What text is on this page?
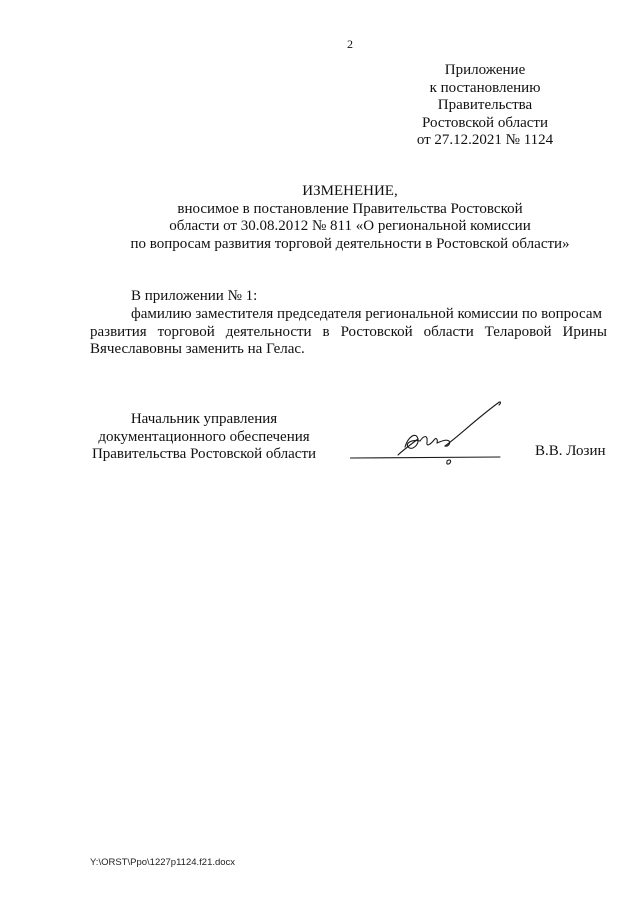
2
Приложение
к постановлению
Правительства
Ростовской области
от 27.12.2021 № 1124
ИЗМЕНЕНИЕ,
вносимое в постановление Правительства Ростовской
области от 30.08.2012 № 811 «О региональной комиссии
по вопросам развития торговой деятельности в Ростовской области»
В приложении № 1:
фамилию заместителя председателя региональной комиссии по вопросам
развития торговой деятельности в Ростовской области Теларовой Ирины
Вячеславовны заменить на Гелас.
Начальник управления
документационного обеспечения
Правительства Ростовской области	В.В. Лозин
Y:\ORST\Ppo\1227p1124.f21.docx
